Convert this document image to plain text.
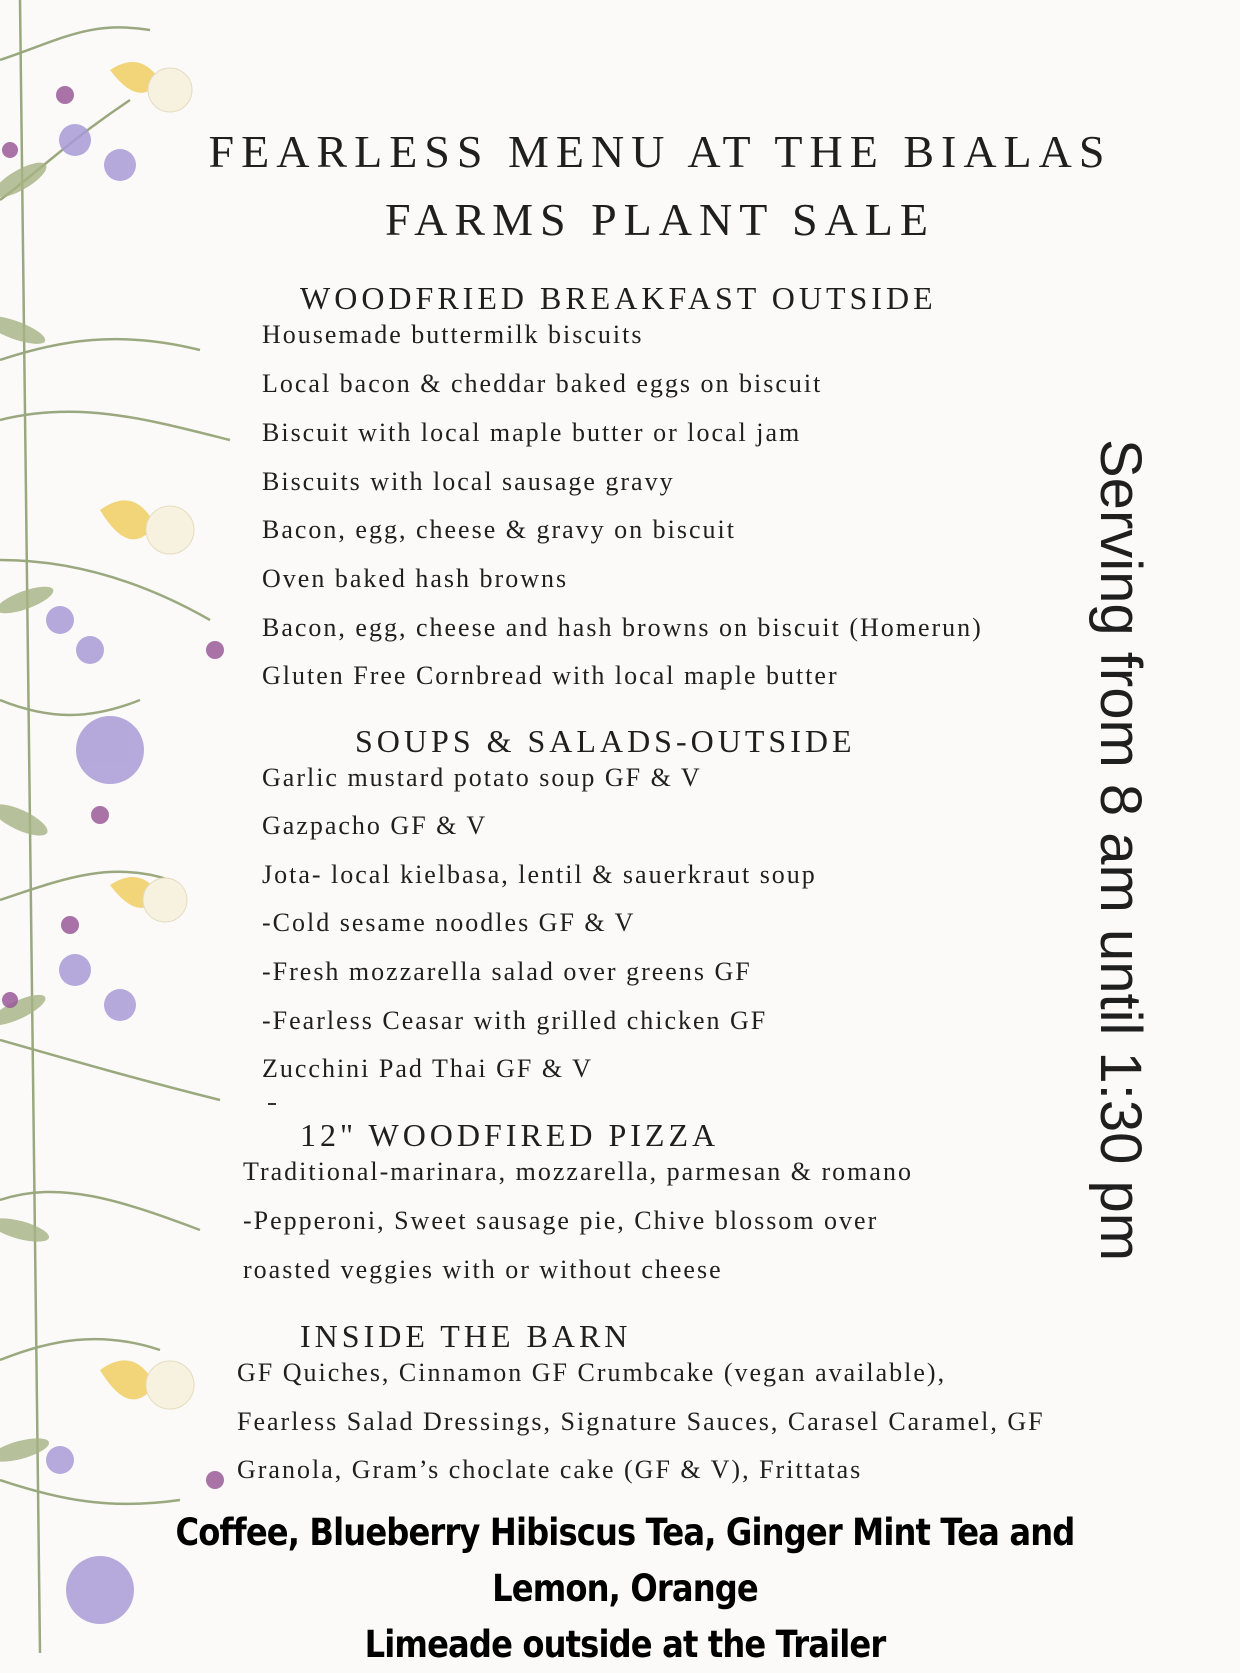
FEARLESS MENU AT THE BIALAS
FARMS PLANT SALE
WOODFRIED BREAKFAST OUTSIDE
Housemade buttermilk biscuits
Local bacon & cheddar baked eggs on biscuit
Biscuit with local maple butter or local jam
Biscuits with local sausage gravy
Bacon, egg, cheese & gravy on biscuit
Oven baked hash browns
Bacon, egg, cheese and hash browns on biscuit (Homerun)
Gluten Free Cornbread with local maple butter
SOUPS & SALADS-OUTSIDE
Garlic mustard potato soup GF & V
Gazpacho GF & V
Jota- local kielbasa, lentil & sauerkraut soup
-Cold sesame noodles GF & V
-Fresh mozzarella salad over greens GF
-Fearless Ceasar with grilled chicken GF
Zucchini Pad Thai GF & V
12" WOODFIRED PIZZA
Traditional-marinara, mozzarella, parmesan & romano
-Pepperoni, Sweet sausage pie, Chive blossom over
roasted veggies with or without cheese
INSIDE THE BARN
GF Quiches, Cinnamon GF Crumbcake (vegan available),
Fearless Salad Dressings, Signature Sauces, Carasel Caramel, GF
Granola, Gram’s choclate cake (GF & V), Frittatas
Serving from 8 am until 1:30 pm
Coffee, Blueberry Hibiscus Tea, Ginger Mint Tea and Lemon, Orange
Limeade outside at the Trailer
